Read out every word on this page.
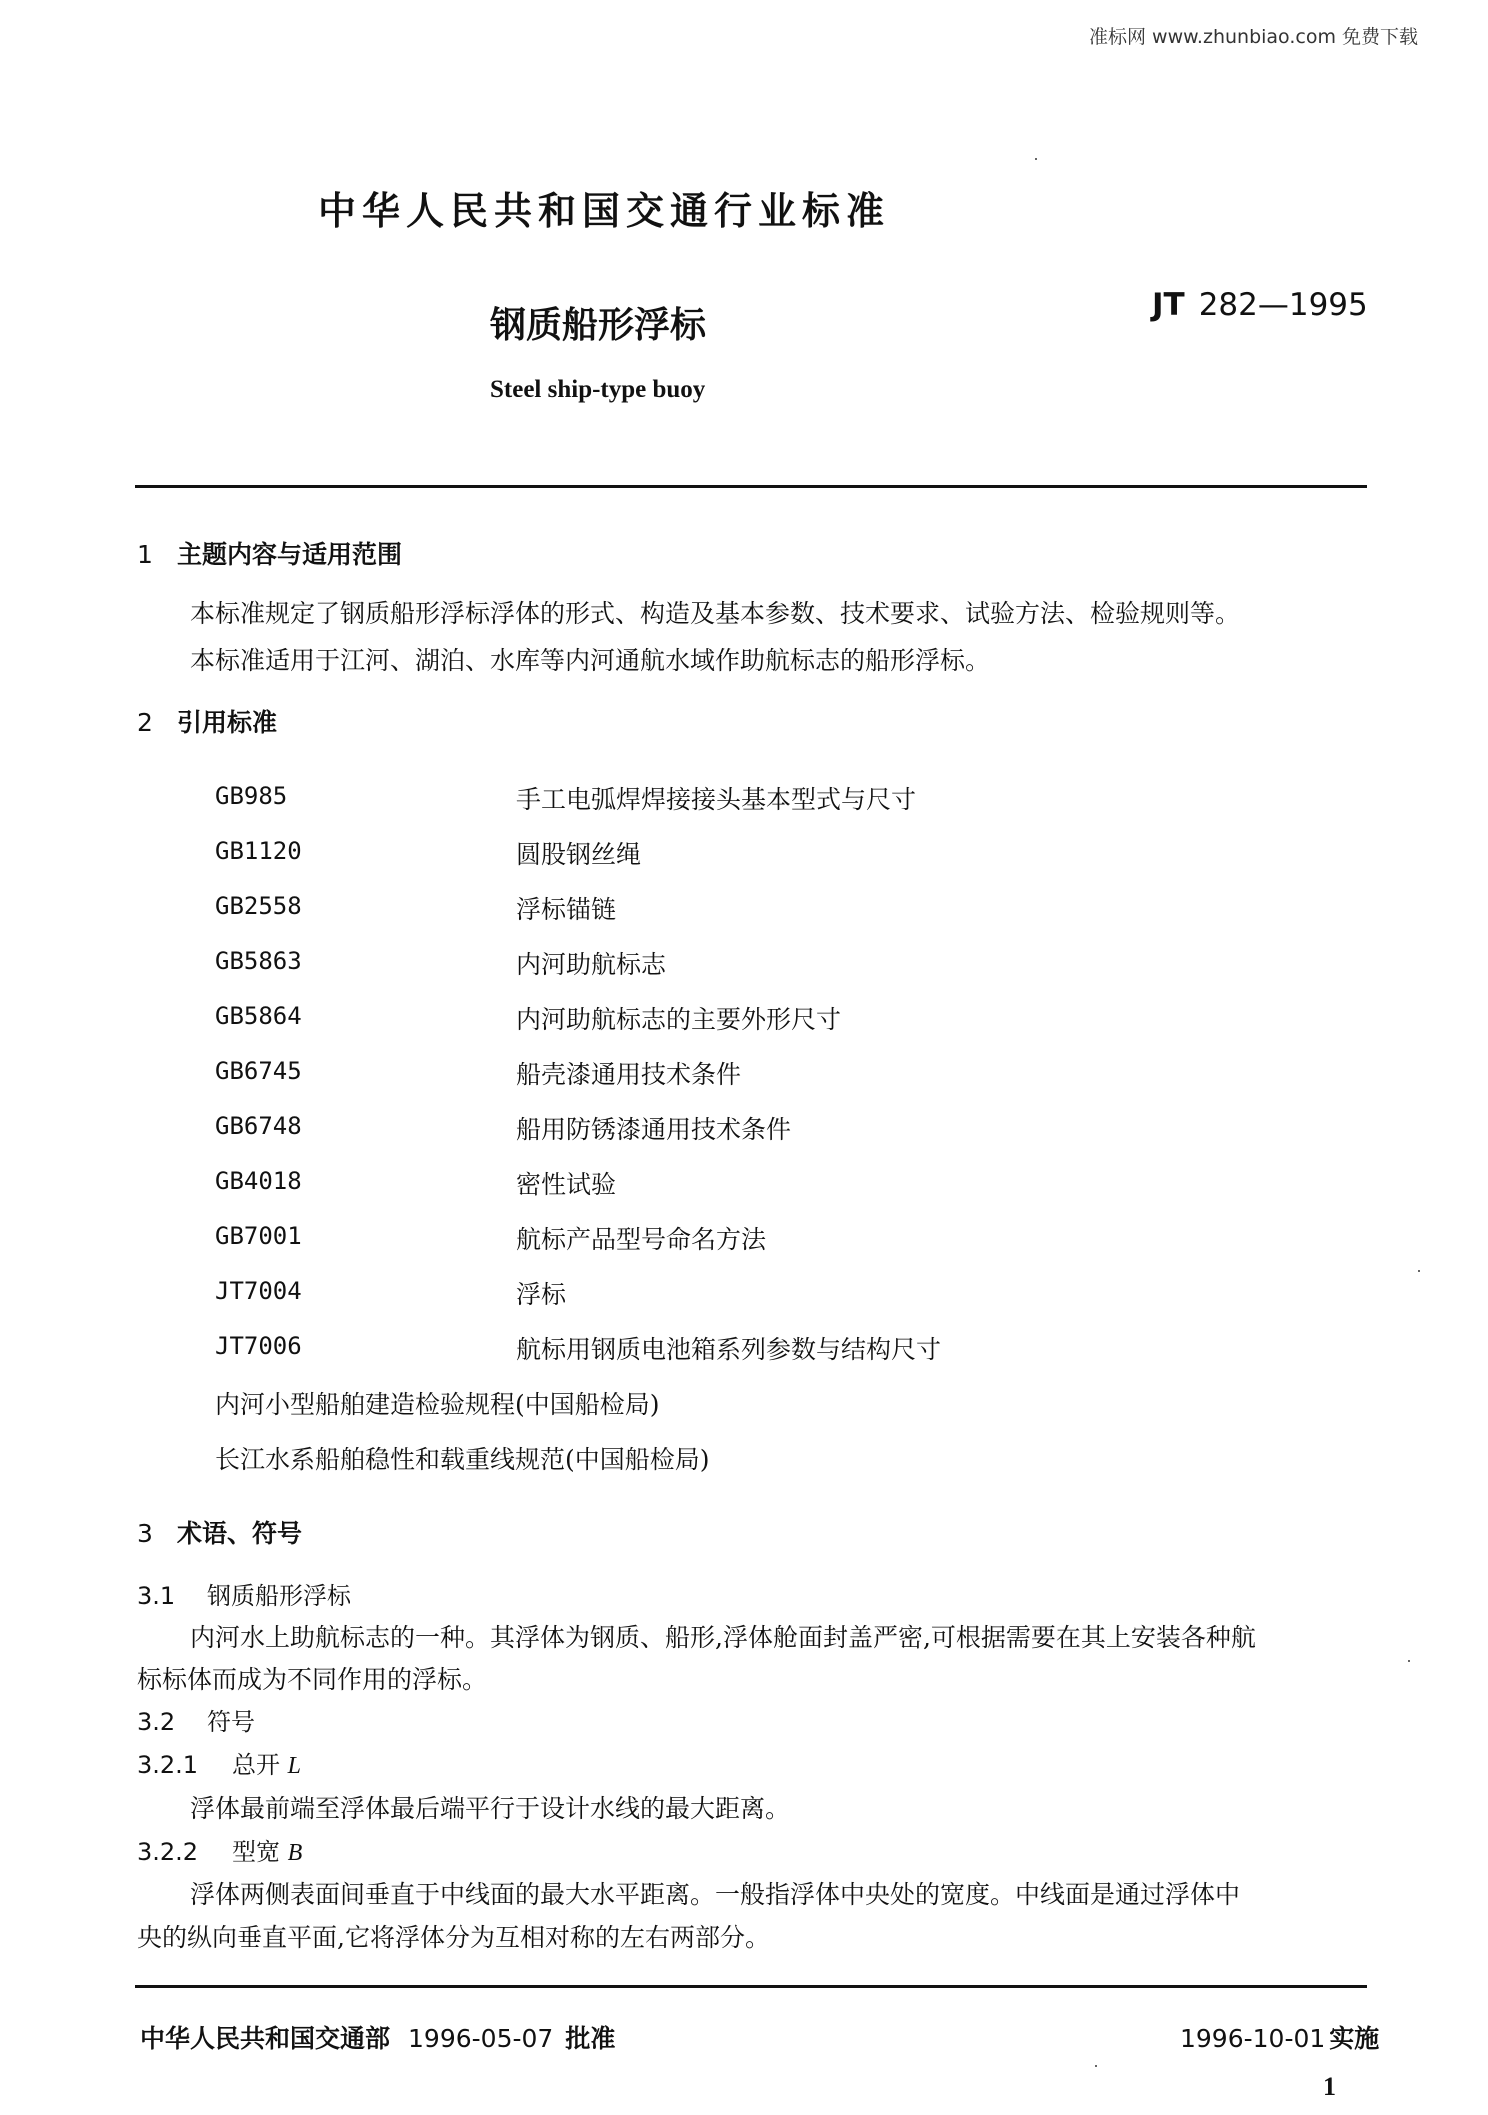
准标网 www.zhunbiao.com 免费下载
中华人民共和国交通行业标准
钢质船形浮标	JT 282—1995
Steel ship-type buoy
1 主题内容与适用范围
本标准规定了钢质船形浮标浮体的形式、构造及基本参数、技术要求、试验方法、检验规则等。
本标准适用于江河、湖泊、水库等内河通航水域作助航标志的船形浮标。
2 引用标准
GB985	手工电弧焊焊接接头基本型式与尺寸
GB1120	圆股钢丝绳
GB2558	浮标锚链
GB5863	内河助航标志
GB5864	内河助航标志的主要外形尺寸
GB6745	船壳漆通用技术条件
GB6748	船用防锈漆通用技术条件
GB4018	密性试验
GB7001	航标产品型号命名方法
JT7004	浮标
JT7006	航标用钢质电池箱系列参数与结构尺寸
内河小型船舶建造检验规程(中国船检局)
长江水系船舶稳性和载重线规范(中国船检局)
3 术语、符号
3.1 钢质船形浮标
内河水上助航标志的一种。其浮体为钢质、船形,浮体舱面封盖严密,可根据需要在其上安装各种航
标标体而成为不同作用的浮标。
3.2 符号
3.2.1 总开 L
浮体最前端至浮体最后端平行于设计水线的最大距离。
3.2.2 型宽 B
浮体两侧表面间垂直于中线面的最大水平距离。一般指浮体中央处的宽度。中线面是通过浮体中
央的纵向垂直平面,它将浮体分为互相对称的左右两部分。
中华人民共和国交通部 1996-05-07 批准	1996-10-01 实施
1
